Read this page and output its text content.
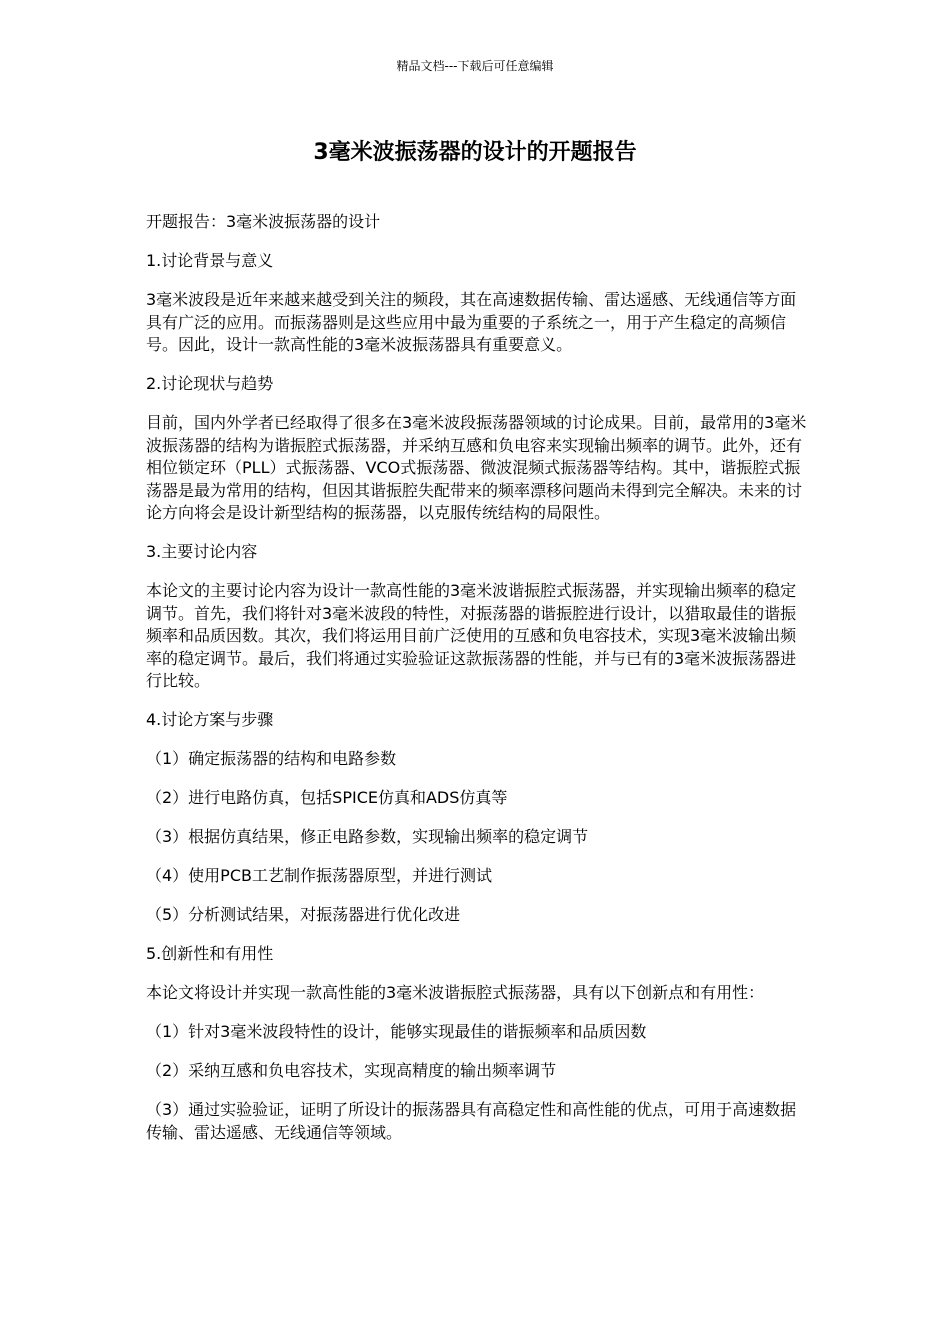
精品文档---下载后可任意编辑
3毫米波振荡器的设计的开题报告

开题报告：3毫米波振荡器的设计

1.讨论背景与意义

3毫米波段是近年来越来越受到关注的频段，其在高速数据传输、雷达遥感、无线通信等方面具有广泛的应用。而振荡器则是这些应用中最为重要的子系统之一，用于产生稳定的高频信号。因此，设计一款高性能的3毫米波振荡器具有重要意义。

2.讨论现状与趋势

目前，国内外学者已经取得了很多在3毫米波段振荡器领域的讨论成果。目前，最常用的3毫米波振荡器的结构为谐振腔式振荡器，并采纳互感和负电容来实现输出频率的调节。此外，还有相位锁定环（PLL）式振荡器、VCO式振荡器、微波混频式振荡器等结构。其中，谐振腔式振荡器是最为常用的结构，但因其谐振腔失配带来的频率漂移问题尚未得到完全解决。未来的讨论方向将会是设计新型结构的振荡器，以克服传统结构的局限性。

3.主要讨论内容

本论文的主要讨论内容为设计一款高性能的3毫米波谐振腔式振荡器，并实现输出频率的稳定调节。首先，我们将针对3毫米波段的特性，对振荡器的谐振腔进行设计，以猎取最佳的谐振频率和品质因数。其次，我们将运用目前广泛使用的互感和负电容技术，实现3毫米波输出频率的稳定调节。最后，我们将通过实验验证这款振荡器的性能，并与已有的3毫米波振荡器进行比较。

4.讨论方案与步骤

（1）确定振荡器的结构和电路参数

（2）进行电路仿真，包括SPICE仿真和ADS仿真等

（3）根据仿真结果，修正电路参数，实现输出频率的稳定调节

（4）使用PCB工艺制作振荡器原型，并进行测试

（5）分析测试结果，对振荡器进行优化改进

5.创新性和有用性

本论文将设计并实现一款高性能的3毫米波谐振腔式振荡器，具有以下创新点和有用性：

（1）针对3毫米波段特性的设计，能够实现最佳的谐振频率和品质因数

（2）采纳互感和负电容技术，实现高精度的输出频率调节

（3）通过实验验证，证明了所设计的振荡器具有高稳定性和高性能的优点，可用于高速数据传输、雷达遥感、无线通信等领域。
